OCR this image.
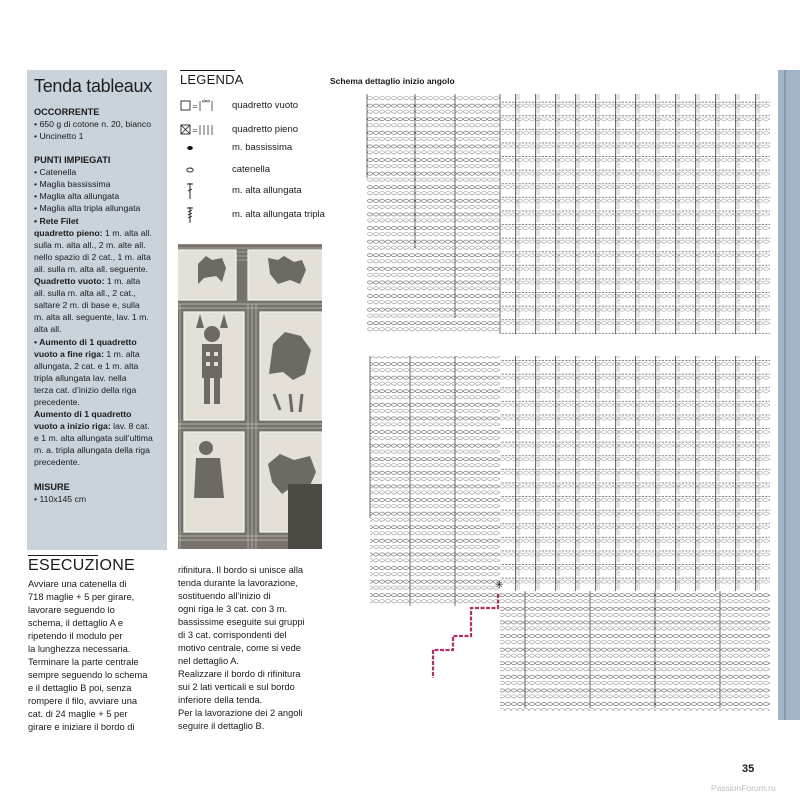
Tenda tableaux
OCCORRENTE
• 650 g di cotone n. 20, bianco
• Uncinetto 1
PUNTI IMPIEGATI
• Catenella
• Maglia bassissima
• Maglia alta allungata
• Maglia alta tripla allungata
• Rete Filet
quadretto pieno: 1 m. alta all.
sulla m. alta all., 2 m. alte all.
nello spazio di 2 cat., 1 m. alta
all. sulla m. alta all. seguente.
Quadretto vuoto: 1 m. alta
all. sulla m. alta all., 2 cat.,
saltare 2 m. di base e, sulla
m. alta all. seguente, lav. 1 m.
alta all.
• Aumento di 1 quadretto
vuoto a fine riga: 1 m. alta
allungata, 2 cat. e 1 m. alta
tripla allungata lav. nella
terza cat. d’inizio della riga
precedente.
Aumento di 1 quadretto
vuoto a inizio riga: lav. 8 cat.
e 1 m. alta allungata sull’ultima
m. a. tripla allungata della riga
precedente.
MISURE
• 110x145 cm
LEGENDA
=	quadretto vuoto
=	quadretto pieno
m. bassissima
catenella
m. alta allungata
m. alta allungata tripla
ESECUZIONE
Avviare una catenella di
718 maglie + 5 per girare,
lavorare seguendo lo
schema, il dettaglio A e
ripetendo il modulo per
la lunghezza necessaria.
Terminare la parte centrale
sempre seguendo lo schema
e il dettaglio B poi, senza
rompere il filo, avviare una
cat. di 24 maglie + 5 per
girare e iniziare il bordo di
rifinitura. Il bordo si unisce alla
tenda durante la lavorazione,
sostituendo all’inizio di
ogni riga le 3 cat. con 3 m.
bassissime eseguite sui gruppi
di 3 cat. corrispondenti del
motivo centrale, come si vede
nel dettaglio A.
Realizzare il bordo di rifinitura
sui 2 lati verticali e sul bordo
inferiore della tenda.
Per la lavorazione dei 2 angoli
seguire il dettaglio B.
Schema dettaglio inizio angolo
✳
35
PassionForum.ru
